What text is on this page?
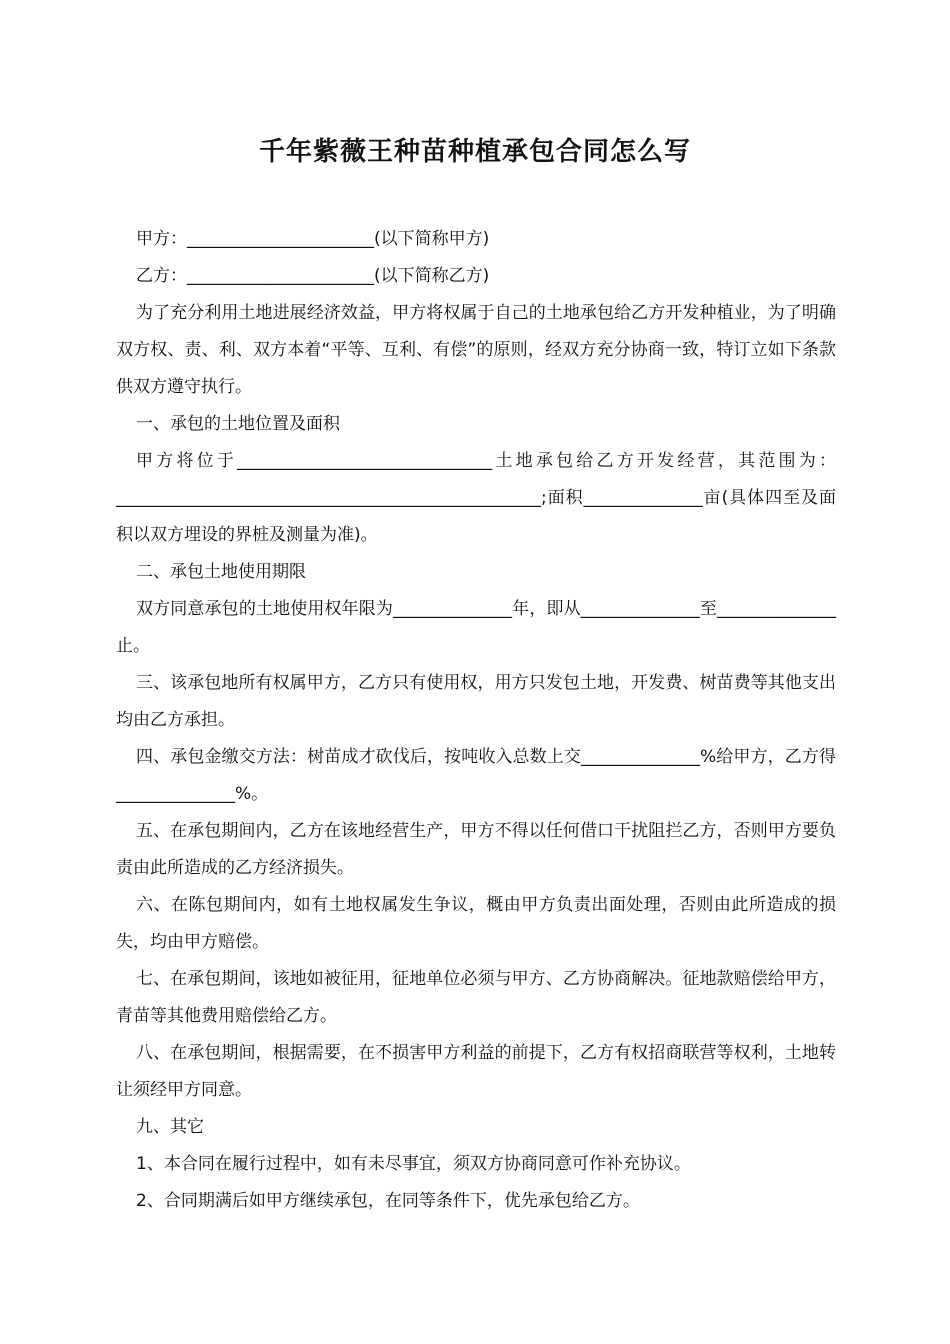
千年紫薇王种苗种植承包合同怎么写

甲方：______________________(以下简称甲方)

乙方：______________________(以下简称乙方)

为了充分利用土地进展经济效益，甲方将权属于自己的土地承包给乙方开发种植业，为了明确双方权、责、利、双方本着“平等、互利、有偿”的原则，经双方充分协商一致，特订立如下条款供双方遵守执行。

一、承包的土地位置及面积

甲方将位于______________________________土地承包给乙方开发经营，其范围为：__________________________________________________;面积______________亩(具体四至及面积以双方埋设的界桩及测量为准)。

二、承包土地使用期限

双方同意承包的土地使用权年限为______________年，即从______________至______________止。

三、该承包地所有权属甲方，乙方只有使用权，用方只发包土地，开发费、树苗费等其他支出均由乙方承担。

四、承包金缴交方法：树苗成才砍伐后，按吨收入总数上交______________%给甲方，乙方得______________%。

五、在承包期间内，乙方在该地经营生产，甲方不得以任何借口干扰阻拦乙方，否则甲方要负责由此所造成的乙方经济损失。

六、在陈包期间内，如有土地权属发生争议，概由甲方负责出面处理，否则由此所造成的损失，均由甲方赔偿。

七、在承包期间，该地如被征用，征地单位必须与甲方、乙方协商解决。征地款赔偿给甲方，青苗等其他费用赔偿给乙方。

八、在承包期间，根据需要，在不损害甲方利益的前提下，乙方有权招商联营等权利，土地转让须经甲方同意。

九、其它

1、本合同在履行过程中，如有未尽事宜，须双方协商同意可作补充协议。

2、合同期满后如甲方继续承包，在同等条件下，优先承包给乙方。
